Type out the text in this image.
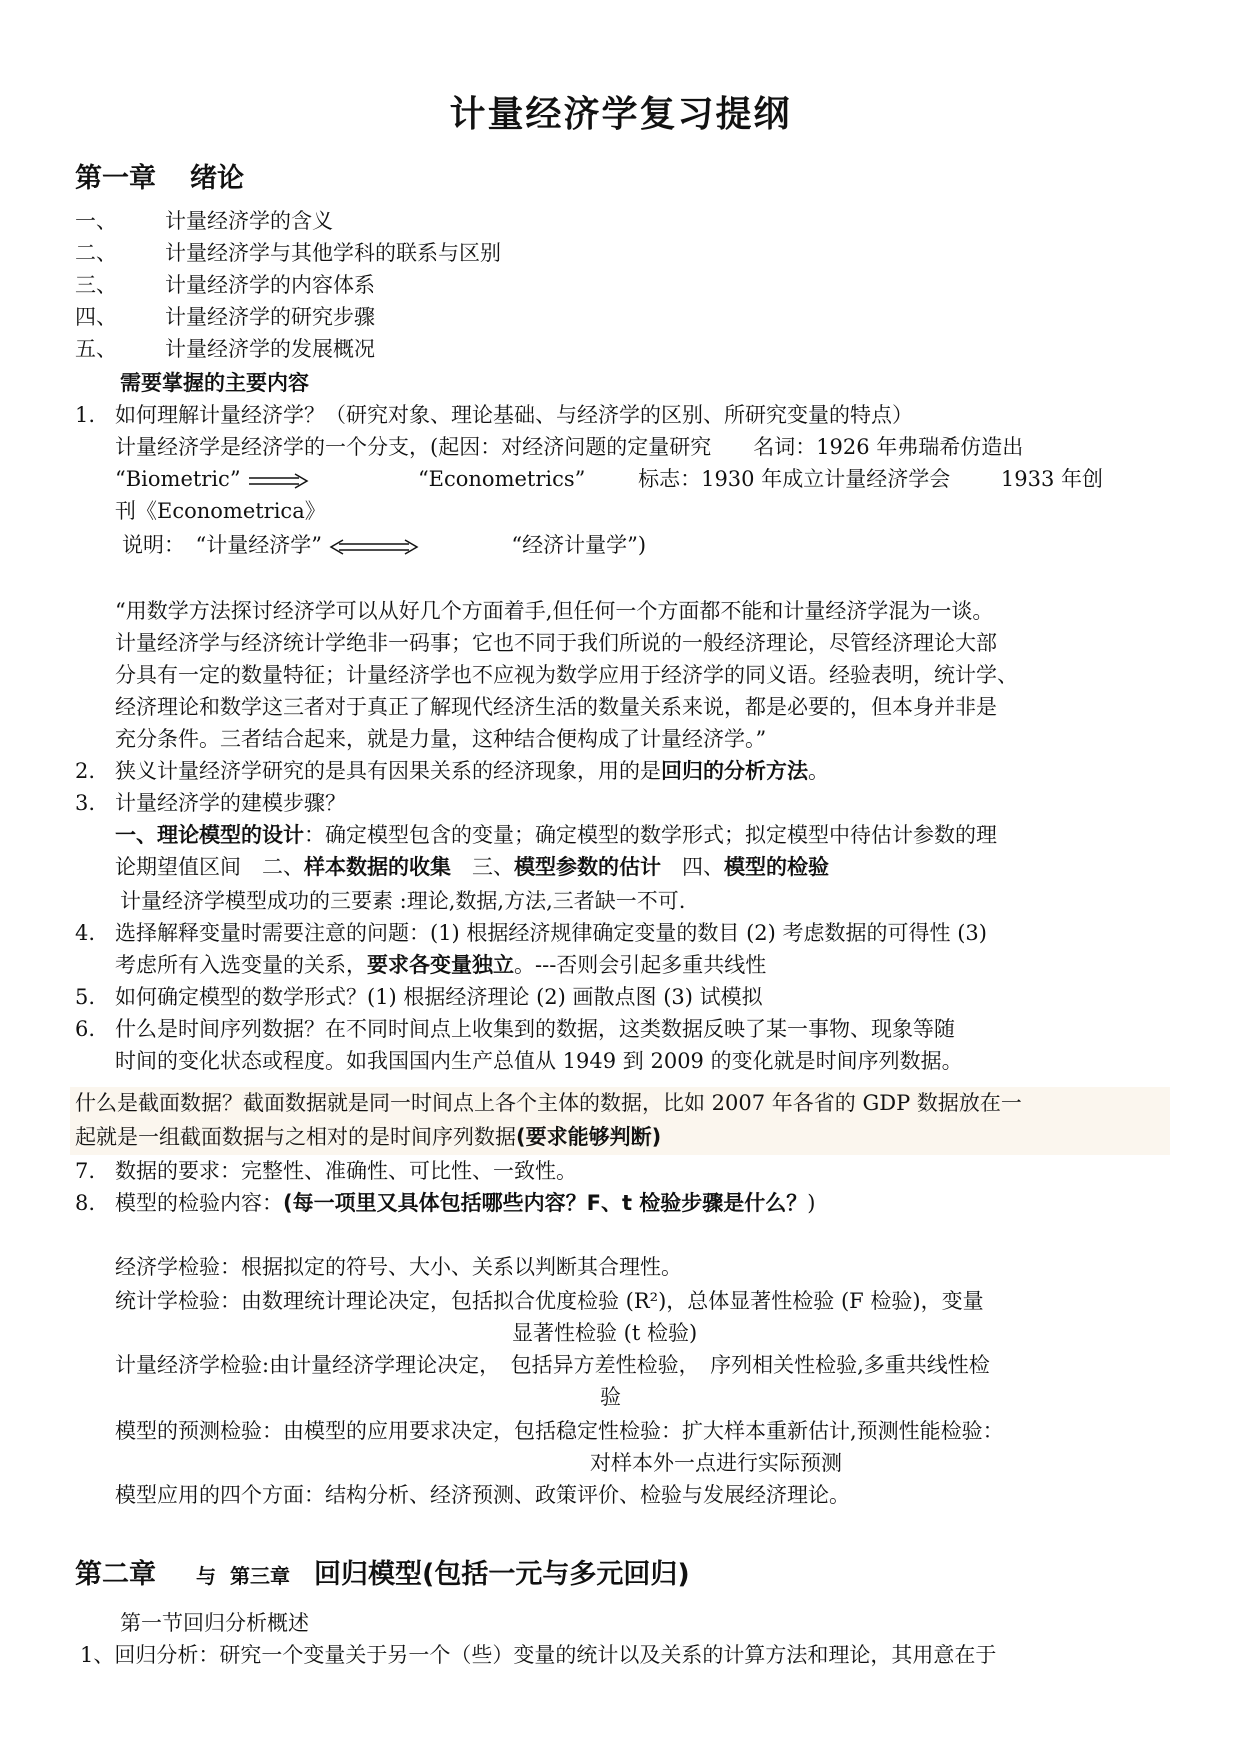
计量经济学复习提纲
第一章 绪论
一、 计量经济学的含义
二、 计量经济学与其他学科的联系与区别
三、 计量经济学的内容体系
四、 计量经济学的研究步骤
五、 计量经济学的发展概况
需要掌握的主要内容
1. 如何理解计量经济学？（研究对象、理论基础、与经济学的区别、所研究变量的特点）
计量经济学是经济学的一个分支，(起因：对经济问题的定量研究　　名词：1926 年弗瑞希仿造出
“Biometric”	“Econometrics”	标志：1930 年成立计量经济学会 1933 年创
刊《Econometrica》
说明：　“计量经济学”	“经济计量学”)
“用数学方法探讨经济学可以从好几个方面着手,但任何一个方面都不能和计量经济学混为一谈。
计量经济学与经济统计学绝非一码事；它也不同于我们所说的一般经济理论，尽管经济理论大部
分具有一定的数量特征；计量经济学也不应视为数学应用于经济学的同义语。经验表明，统计学、
经济理论和数学这三者对于真正了解现代经济生活的数量关系来说，都是必要的，但本身并非是
充分条件。三者结合起来，就是力量，这种结合便构成了计量经济学。”
2. 狭义计量经济学研究的是具有因果关系的经济现象，用的是回归的分析方法。
3. 计量经济学的建模步骤？
一、理论模型的设计：确定模型包含的变量；确定模型的数学形式；拟定模型中待估计参数的理
论期望值区间　二、样本数据的收集　三、模型参数的估计　四、模型的检验
计量经济学模型成功的三要素 :理论,数据,方法,三者缺一不可.
4. 选择解释变量时需要注意的问题：(1) 根据经济规律确定变量的数目 (2) 考虑数据的可得性 (3)
考虑所有入选变量的关系，要求各变量独立。---否则会引起多重共线性
5. 如何确定模型的数学形式？(1) 根据经济理论 (2) 画散点图 (3) 试模拟
6. 什么是时间序列数据？在不同时间点上收集到的数据，这类数据反映了某一事物、现象等随
时间的变化状态或程度。如我国国内生产总值从 1949 到 2009 的变化就是时间序列数据。
什么是截面数据？截面数据就是同一时间点上各个主体的数据，比如 2007 年各省的 GDP 数据放在一
起就是一组截面数据与之相对的是时间序列数据(要求能够判断)
7. 数据的要求：完整性、准确性、可比性、一致性。
8. 模型的检验内容：(每一项里又具体包括哪些内容？F、t 检验步骤是什么？)
经济学检验：根据拟定的符号、大小、关系以判断其合理性。
统计学检验：由数理统计理论决定，包括拟合优度检验 (R²)，总体显著性检验 (F 检验)，变量
显著性检验 (t 检验)
计量经济学检验:由计量经济学理论决定，　包括异方差性检验，　序列相关性检验,多重共线性检
验
模型的预测检验：由模型的应用要求决定，包括稳定性检验：扩大样本重新估计,预测性能检验：
对样本外一点进行实际预测
模型应用的四个方面：结构分析、经济预测、政策评价、检验与发展经济理论。
第二章 与 第三章 回归模型(包括一元与多元回归)
第一节回归分析概述
1、回归分析：研究一个变量关于另一个（些）变量的统计以及关系的计算方法和理论，其用意在于
